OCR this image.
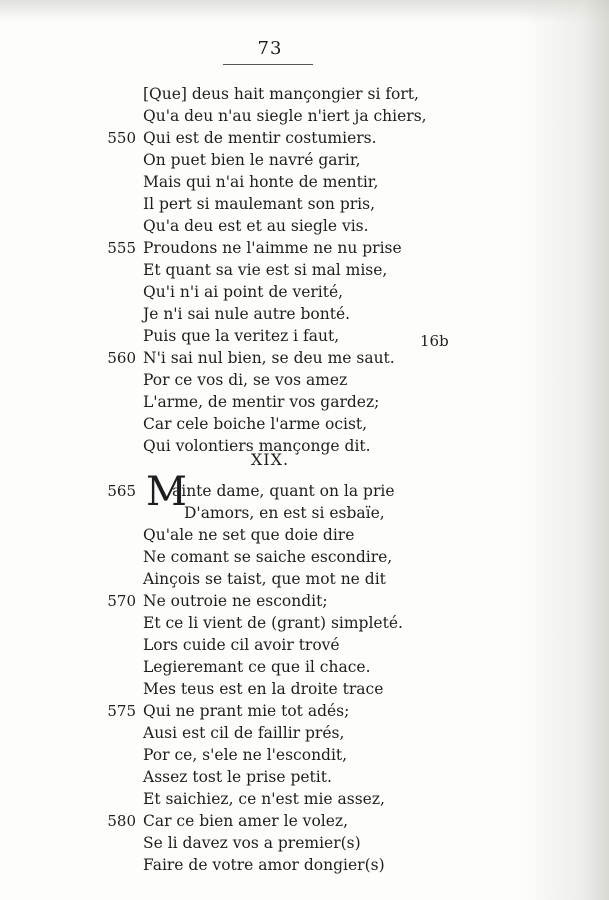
73
[Que] deus hait mançongier si fort,
Qu'a deu n'au siegle n'iert ja chiers,
550 Qui est de mentir costumiers.
On puet bien le navré garir,
Mais qui n'ai honte de mentir,
Il pert si maulemant son pris,
Qu'a deu est et au siegle vis.
555 Proudons ne l'aimme ne nu prise
Et quant sa vie est si mal mise,
Qu'i n'i ai point de verité,
Je n'i sai nule autre bonté.
Puis que la veritez i faut,
560 N'i sai nul bien, se deu me saut.
Por ce vos di, se vos amez
L'arme, de mentir vos gardez;
Car cele boiche l'arme ocist,
Qui volontiers mançonge dit.
565 ainte dame, quant on la prie
D'amors, en est si esbaïe,
Qu'ale ne set que doie dire
Ne comant se saiche escondire,
Ainçois se taist, que mot ne dit
570 Ne outroie ne escondit;
Et ce li vient de (grant) simpleté.
Lors cuide cil avoir trové
Legieremant ce que il chace.
Mes teus est en la droite trace
575 Qui ne prant mie tot adés;
Ausi est cil de faillir prés,
Por ce, s'ele ne l'escondit,
Assez tost le prise petit.
Et saichiez, ce n'est mie assez,
580 Car ce bien amer le volez,
Se li davez vos a premier(s)
Faire de votre amor dongier(s)
16b
XIX.
M
